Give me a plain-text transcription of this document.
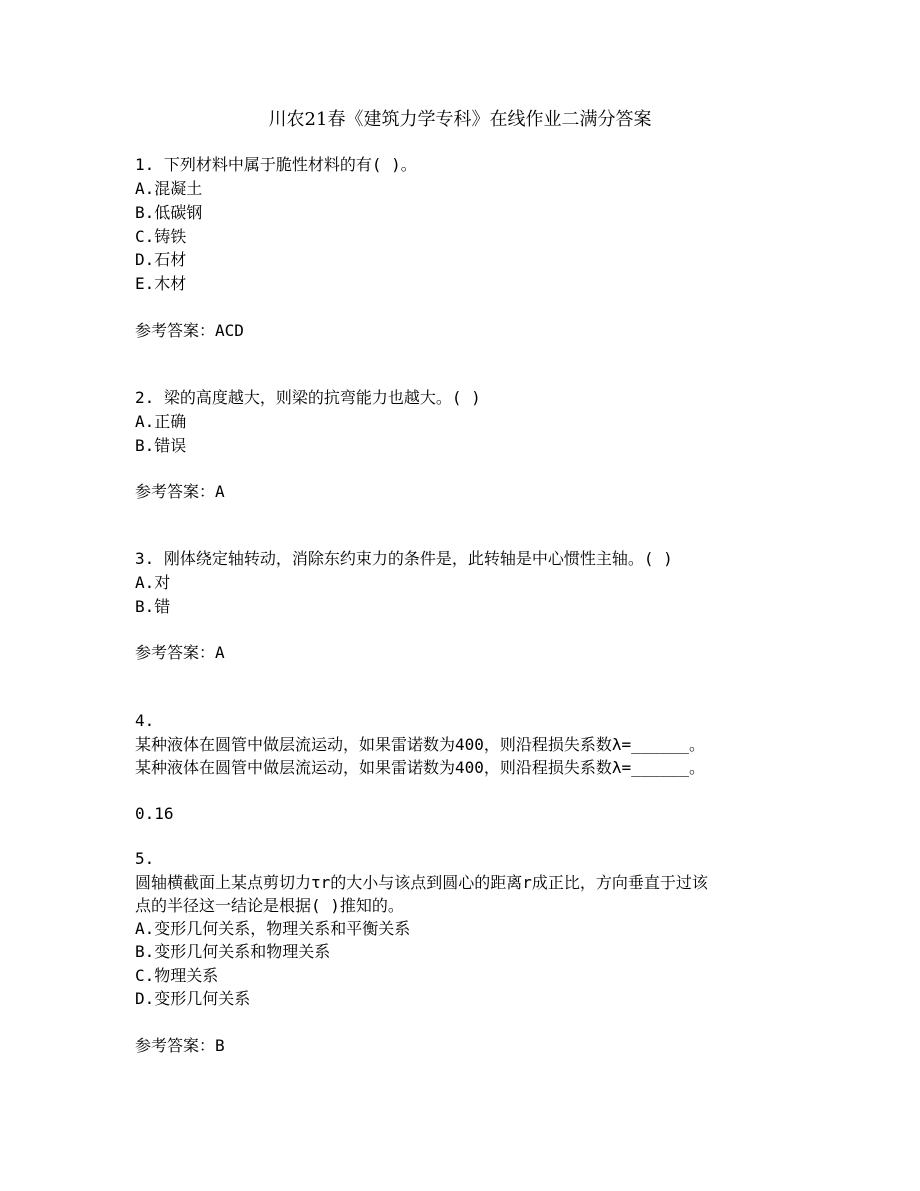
川农21春《建筑力学专科》在线作业二满分答案
1. 下列材料中属于脆性材料的有( )。
A.混凝土
B.低碳钢
C.铸铁
D.石材
E.木材
参考答案：ACD
2. 梁的高度越大，则梁的抗弯能力也越大。( )
A.正确
B.错误
参考答案：A
3. 刚体绕定轴转动，消除东约束力的条件是，此转轴是中心惯性主轴。( )
A.对
B.错
参考答案：A
4.
某种液体在圆管中做层流运动，如果雷诺数为400，则沿程损失系数λ=______。
某种液体在圆管中做层流运动，如果雷诺数为400，则沿程损失系数λ=______。
0.16
5.
圆轴横截面上某点剪切力τr的大小与该点到圆心的距离r成正比，方向垂直于过该
点的半径这一结论是根据( )推知的。
A.变形几何关系，物理关系和平衡关系
B.变形几何关系和物理关系
C.物理关系
D.变形几何关系
参考答案：B
